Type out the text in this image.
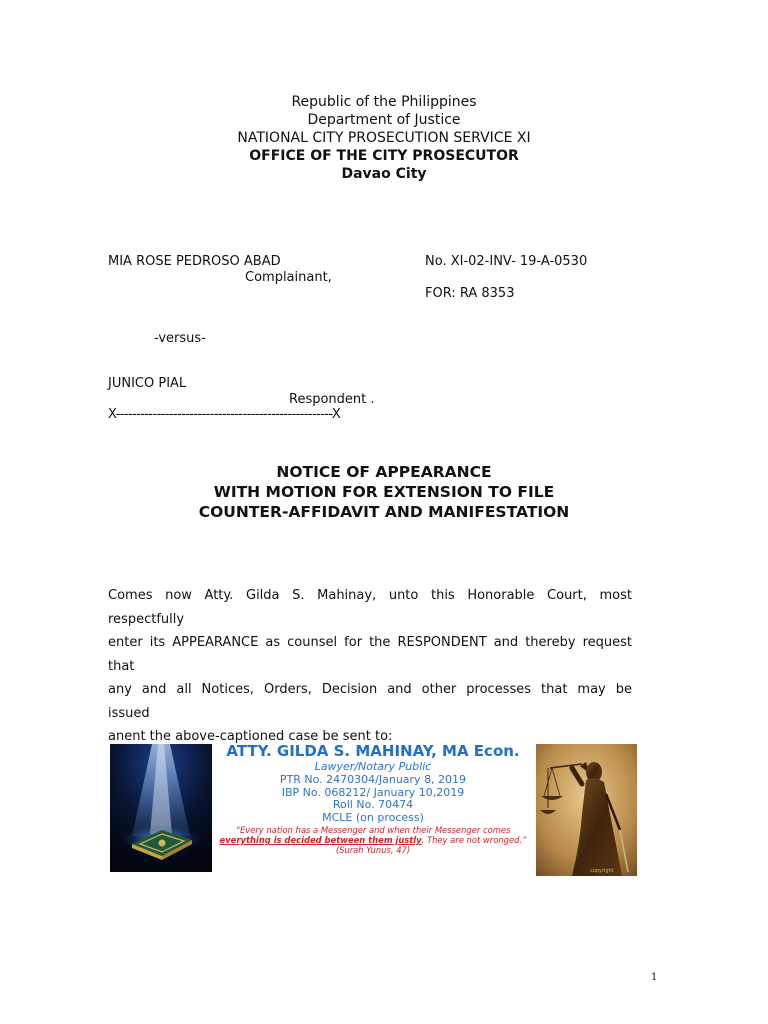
Republic of the Philippines
Department of Justice
NATIONAL CITY PROSECUTION SERVICE XI
OFFICE OF THE CITY PROSECUTOR
Davao City
MIA ROSE PEDROSO ABAD
Complainant,
No. XI-02-INV- 19-A-0530
FOR: RA 8353
-versus-
JUNICO PIAL
Respondent .
X-----------------------------------------------------X
NOTICE OF APPEARANCE
WITH MOTION FOR EXTENSION TO FILE
COUNTER-AFFIDAVIT AND MANIFESTATION
Comes now Atty. Gilda S. Mahinay, unto this Honorable Court, most respectfully
enter its APPEARANCE as counsel for the RESPONDENT and thereby request that
any and all Notices, Orders, Decision and other processes that may be issued
anent the above-captioned case be sent to:
ATTY. GILDA S. MAHINAY, MA Econ.
Lawyer/Notary Public
PTR No. 2470304/January 8, 2019
IBP No. 068212/ January 10,2019
Roll No. 70474
MCLE (on process)
“Every nation has a Messenger and when their Messenger comes everything is decided between them justly. They are not wronged.” (Surah Yunus, 47)
copyright
1
